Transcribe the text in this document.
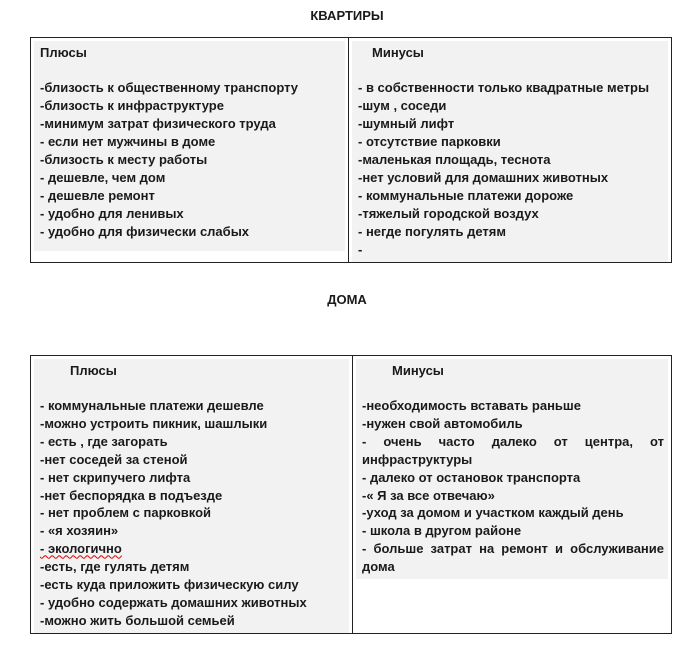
КВАРТИРЫ
Плюсы
-близость к общественному транспорту
-близость к инфраструктуре
-минимум затрат физического труда
- если нет мужчины в доме
-близость к месту работы
- дешевле, чем дом
- дешевле ремонт
- удобно для ленивых
- удобно для физически слабых

Минусы
- в собственности только квадратные метры
-шум , соседи
-шумный лифт
- отсутствие парковки
-маленькая площадь, теснота
-нет условий для домашних животных
- коммунальные платежи дороже
-тяжелый городской воздух
- негде погулять детям
-
ДОМА
Плюсы
- коммунальные платежи дешевле
-можно устроить пикник, шашлыки
- есть , где загорать
-нет соседей за стеной
- нет скрипучего лифта
-нет беспорядка в подъезде
- нет проблем с парковкой
- «я хозяин»
- экологично
-есть, где гулять детям
-есть куда приложить физическую силу
- удобно содержать домашних животных
-можно жить большой семьей

Минусы
-необходимость вставать раньше
-нужен свой автомобиль
- очень часто далеко от центра, от инфраструктуры
- далеко от остановок транспорта
-« Я за все отвечаю»
-уход за домом и участком каждый день
- школа в другом районе
- больше затрат на ремонт и обслуживание дома
